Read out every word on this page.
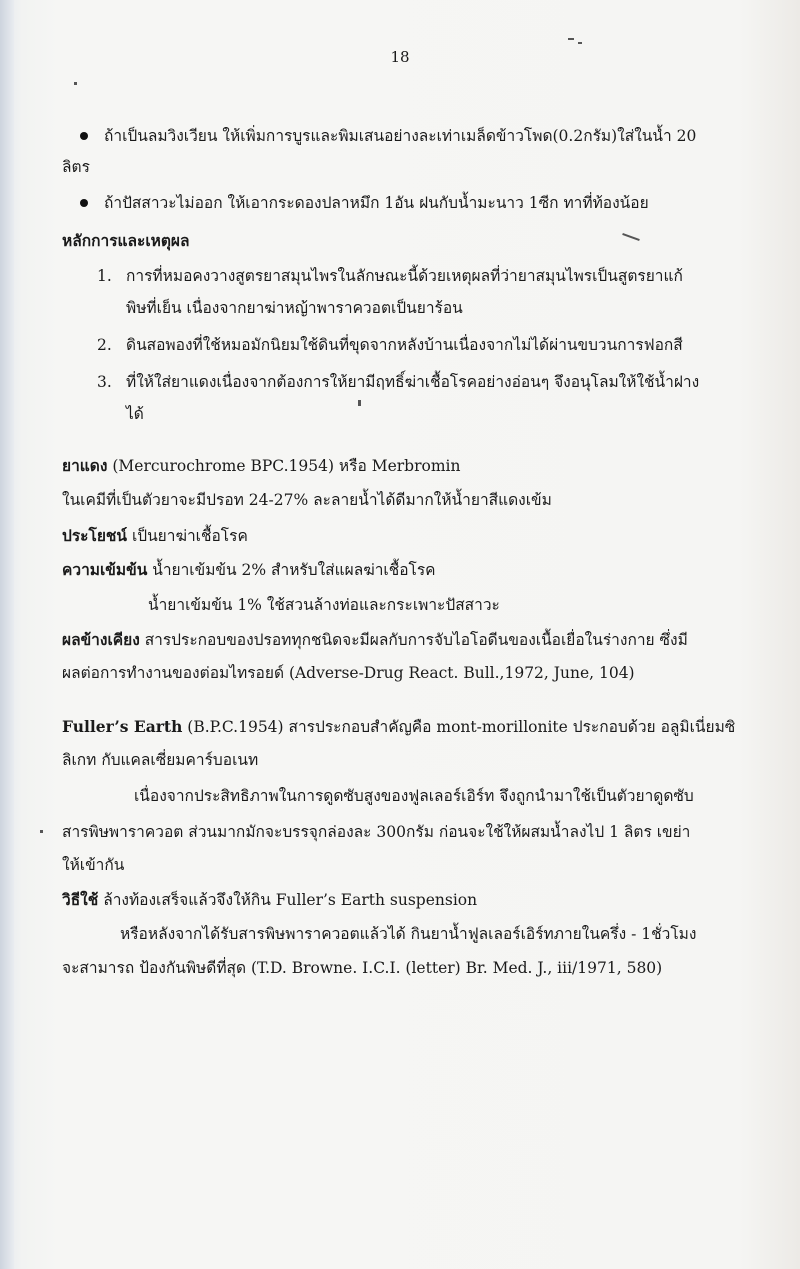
18
ถ้าเป็นลมวิงเวียน ให้เพิ่มการบูรและพิมเสนอย่างละเท่าเมล็ดข้าวโพด(0.2กรัม)ใส่ในน้ำ 20
ลิตร
ถ้าปัสสาวะไม่ออก ให้เอากระดองปลาหมึก 1อัน ฝนกับน้ำมะนาว 1ซีก ทาที่ท้องน้อย
หลักการและเหตุผล
1. การที่หมอคงวางสูตรยาสมุนไพรในลักษณะนี้ด้วยเหตุผลที่ว่ายาสมุนไพรเป็นสูตรยาแก้
พิษที่เย็น เนื่องจากยาฆ่าหญ้าพาราควอตเป็นยาร้อน
2. ดินสอพองที่ใช้หมอมักนิยมใช้ดินที่ขุดจากหลังบ้านเนื่องจากไม่ได้ผ่านขบวนการฟอกสี
3. ที่ให้ใส่ยาแดงเนื่องจากต้องการให้ยามีฤทธิ์ฆ่าเชื้อโรคอย่างอ่อนๆ จึงอนุโลมให้ใช้น้ำฝาง
ได้
ยาแดง (Mercurochrome BPC.1954) หรือ Merbromin
ในเคมีที่เป็นตัวยาจะมีปรอท 24-27% ละลายน้ำได้ดีมากให้น้ำยาสีแดงเข้ม
ประโยชน์ เป็นยาฆ่าเชื้อโรค
ความเข้มข้น น้ำยาเข้มข้น 2% สำหรับใส่แผลฆ่าเชื้อโรค
น้ำยาเข้มข้น 1% ใช้สวนล้างท่อและกระเพาะปัสสาวะ
ผลข้างเคียง สารประกอบของปรอททุกชนิดจะมีผลกับการจับไอโอดีนของเนื้อเยื่อในร่างกาย ซึ่งมี
ผลต่อการทำงานของต่อมไทรอยด์ (Adverse-Drug React. Bull.,1972, June, 104)
Fuller’s Earth (B.P.C.1954) สารประกอบสำคัญคือ mont-morillonite ประกอบด้วย อลูมิเนี่ยมซิ
ลิเกท กับแคลเซี่ยมคาร์บอเนท
เนื่องจากประสิทธิภาพในการดูดซับสูงของฟูลเลอร์เอิร์ท จึงถูกนำมาใช้เป็นตัวยาดูดซับ
สารพิษพาราควอต ส่วนมากมักจะบรรจุกล่องละ 300กรัม ก่อนจะใช้ให้ผสมน้ำลงไป 1 ลิตร เขย่า
ให้เข้ากัน
วิธีใช้ ล้างท้องเสร็จแล้วจึงให้กิน Fuller’s Earth suspension
หรือหลังจากได้รับสารพิษพาราควอตแล้วได้ กินยาน้ำฟูลเลอร์เอิร์ทภายในครึ่ง - 1ชั่วโมง
จะสามารถ ป้องกันพิษดีที่สุด (T.D. Browne. I.C.I. (letter) Br. Med. J., iii/1971, 580)
